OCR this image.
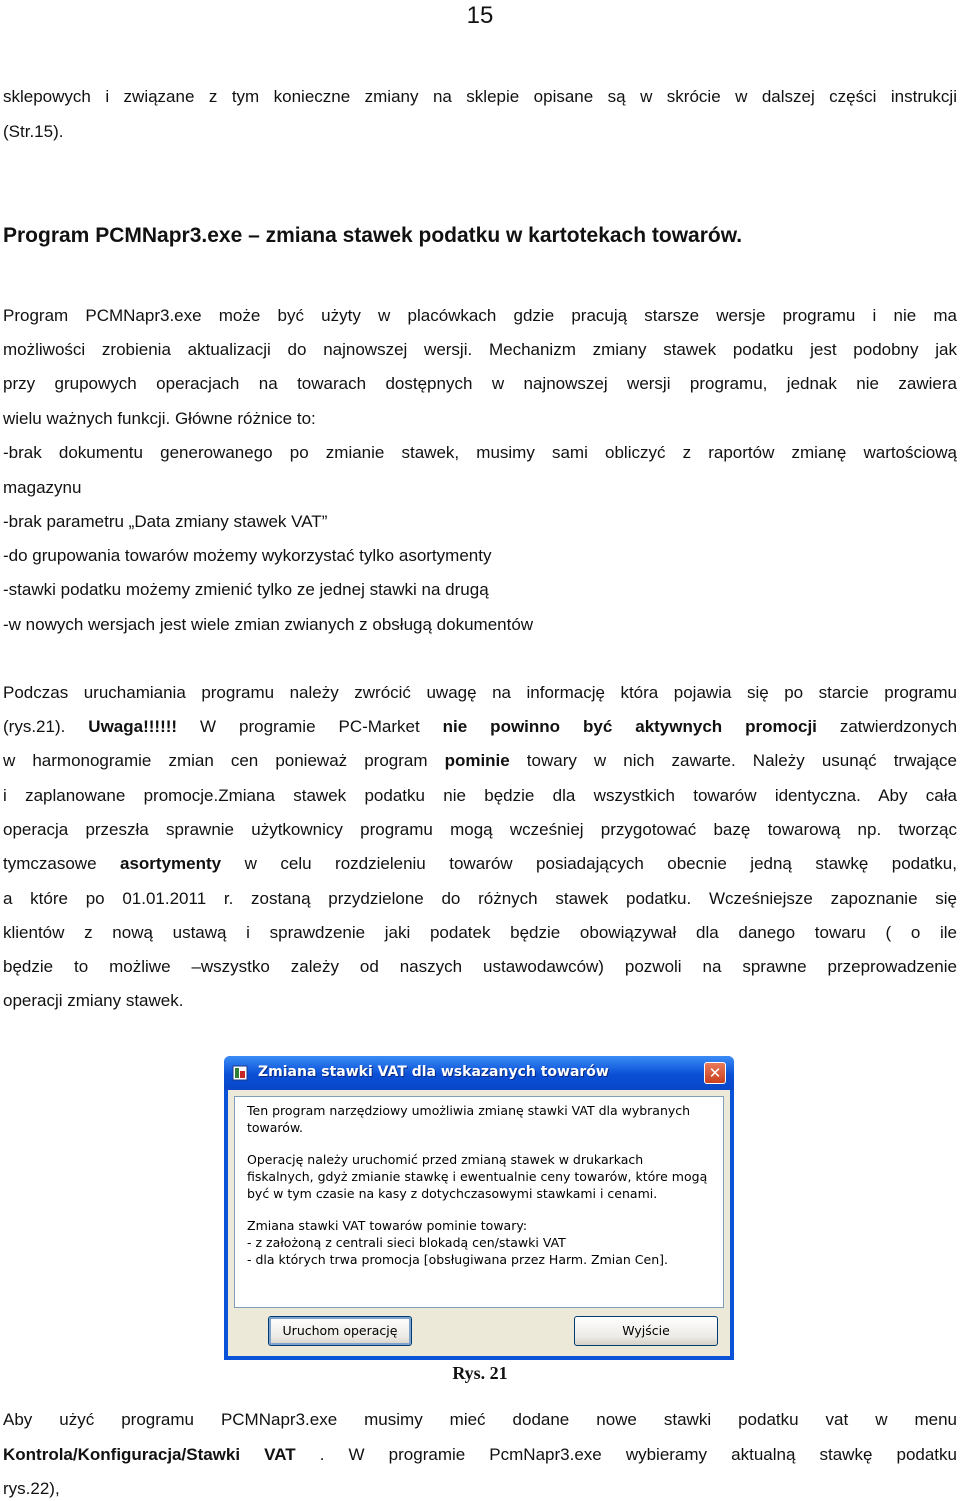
15
sklepowych i związane z tym konieczne zmiany na sklepie opisane są w skrócie w dalszej części instrukcji
(Str.15).
Program PCMNapr3.exe – zmiana stawek podatku w kartotekach towarów.
Program PCMNapr3.exe może być użyty w placówkach gdzie pracują starsze wersje programu i nie ma
możliwości zrobienia aktualizacji do najnowszej wersji. Mechanizm zmiany stawek podatku jest podobny jak
przy grupowych operacjach na towarach dostępnych w najnowszej wersji programu, jednak nie zawiera
wielu ważnych funkcji. Główne różnice to:
-brak dokumentu generowanego po zmianie stawek, musimy sami obliczyć z raportów zmianę wartościową
magazynu
-brak parametru „Data zmiany stawek VAT”
-do grupowania towarów możemy wykorzystać tylko asortymenty
-stawki podatku możemy zmienić tylko ze jednej stawki na drugą
-w nowych wersjach jest wiele zmian zwianych z obsługą dokumentów
Podczas uruchamiania programu należy zwrócić uwagę na informację która pojawia się po starcie programu
(rys.21). Uwaga!!!!!! W programie PC-Market nie powinno być aktywnych promocji zatwierdzonych
w harmonogramie zmian cen ponieważ program pominie towary w nich zawarte. Należy usunąć trwające
i zaplanowane promocje.Zmiana stawek podatku nie będzie dla wszystkich towarów identyczna. Aby cała
operacja przeszła sprawnie użytkownicy programu mogą wcześniej przygotować bazę towarową np. tworząc
tymczasowe asortymenty w celu rozdzieleniu towarów posiadających obecnie jedną stawkę podatku,
a które po 01.01.2011 r. zostaną przydzielone do różnych stawek podatku. Wcześniejsze zapoznanie się
klientów z nową ustawą i sprawdzenie jaki podatek będzie obowiązywał dla danego towaru ( o ile
będzie to możliwe –wszystko zależy od naszych ustawodawców) pozwoli na sprawne przeprowadzenie
operacji zmiany stawek.
Zmiana stawki VAT dla wskazanych towarów	✕

Ten program narzędziowy umożliwia zmianę stawki VAT dla wybranych towarów.

Operację należy uruchomić przed zmianą stawek w drukarkach fiskalnych, gdyż zmianie stawkę i ewentualnie ceny towarów, które mogą być w tym czasie na kasy z dotychczasowymi stawkami i cenami.

Zmiana stawki VAT towarów pominie towary:
- z założoną z centrali sieci blokadą cen/stawki VAT
- dla których trwa promocja [obsługiwana przez Harm. Zmian Cen].
Uruchom operację	Wyjście
Rys. 21
Aby użyć programu PCMNapr3.exe musimy mieć dodane nowe stawki podatku vat w menu
Kontrola/Konfiguracja/Stawki VAT . W programie PcmNapr3.exe wybieramy aktualną stawkę podatku
rys.22),
